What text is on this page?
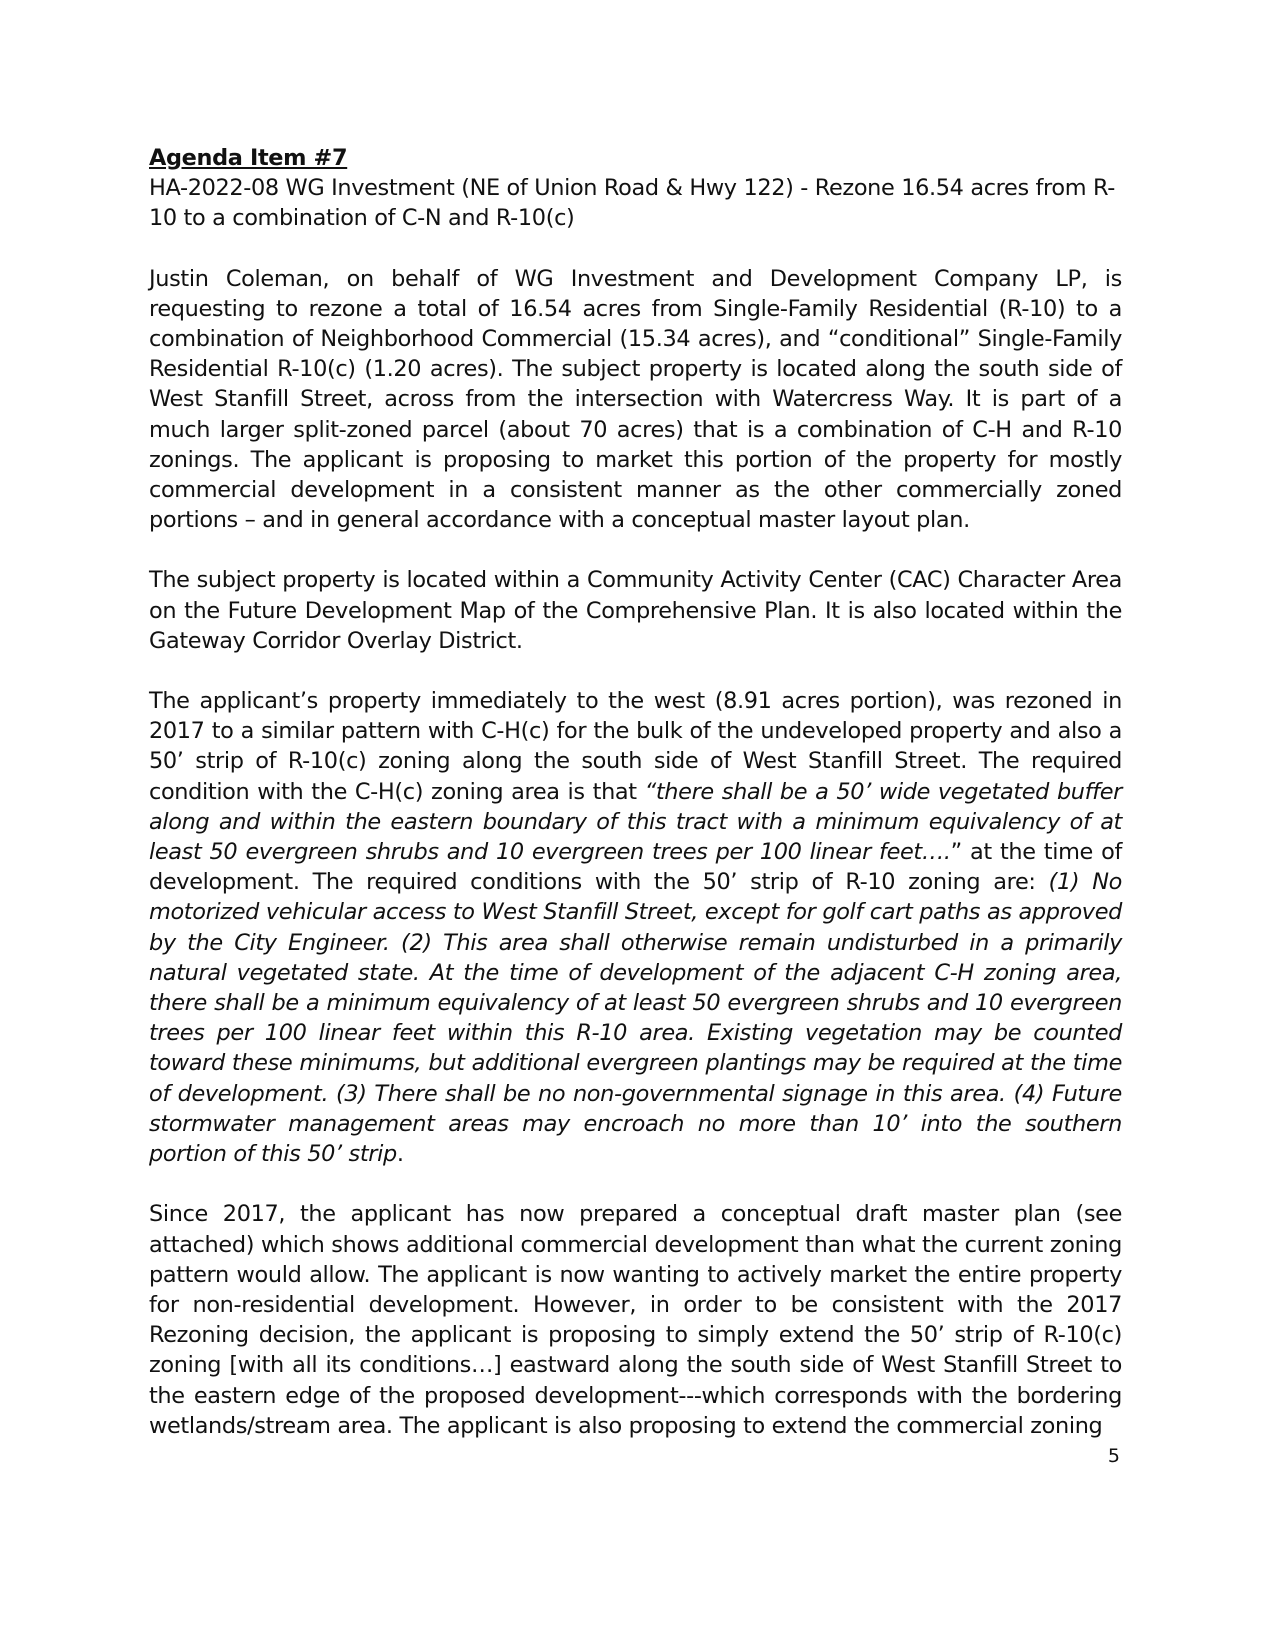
Agenda Item #7
HA-2022-08 WG Investment (NE of Union Road & Hwy 122) - Rezone 16.54 acres from R-10 to a combination of C-N and R-10(c)

Justin Coleman, on behalf of WG Investment and Development Company LP, is requesting to rezone a total of 16.54 acres from Single-Family Residential (R-10) to a combination of Neighborhood Commercial (15.34 acres), and “conditional” Single-Family Residential R-10(c) (1.20 acres). The subject property is located along the south side of West Stanfill Street, across from the intersection with Watercress Way. It is part of a much larger split-zoned parcel (about 70 acres) that is a combination of C-H and R-10 zonings. The applicant is proposing to market this portion of the property for mostly commercial development in a consistent manner as the other commercially zoned portions – and in general accordance with a conceptual master layout plan.

The subject property is located within a Community Activity Center (CAC) Character Area on the Future Development Map of the Comprehensive Plan. It is also located within the Gateway Corridor Overlay District.

The applicant’s property immediately to the west (8.91 acres portion), was rezoned in 2017 to a similar pattern with C-H(c) for the bulk of the undeveloped property and also a 50’ strip of R-10(c) zoning along the south side of West Stanfill Street. The required condition with the C-H(c) zoning area is that “there shall be a 50’ wide vegetated buffer along and within the eastern boundary of this tract with a minimum equivalency of at least 50 evergreen shrubs and 10 evergreen trees per 100 linear feet….” at the time of development. The required conditions with the 50’ strip of R-10 zoning are: (1) No motorized vehicular access to West Stanfill Street, except for golf cart paths as approved by the City Engineer. (2) This area shall otherwise remain undisturbed in a primarily natural vegetated state. At the time of development of the adjacent C-H zoning area, there shall be a minimum equivalency of at least 50 evergreen shrubs and 10 evergreen trees per 100 linear feet within this R-10 area. Existing vegetation may be counted toward these minimums, but additional evergreen plantings may be required at the time of development. (3) There shall be no non-governmental signage in this area. (4) Future stormwater management areas may encroach no more than 10’ into the southern portion of this 50’ strip.

Since 2017, the applicant has now prepared a conceptual draft master plan (see attached) which shows additional commercial development than what the current zoning pattern would allow. The applicant is now wanting to actively market the entire property for non-residential development. However, in order to be consistent with the 2017 Rezoning decision, the applicant is proposing to simply extend the 50’ strip of R-10(c) zoning [with all its conditions…] eastward along the south side of West Stanfill Street to the eastern edge of the proposed development---which corresponds with the bordering wetlands/stream area. The applicant is also proposing to extend the commercial zoning

5
